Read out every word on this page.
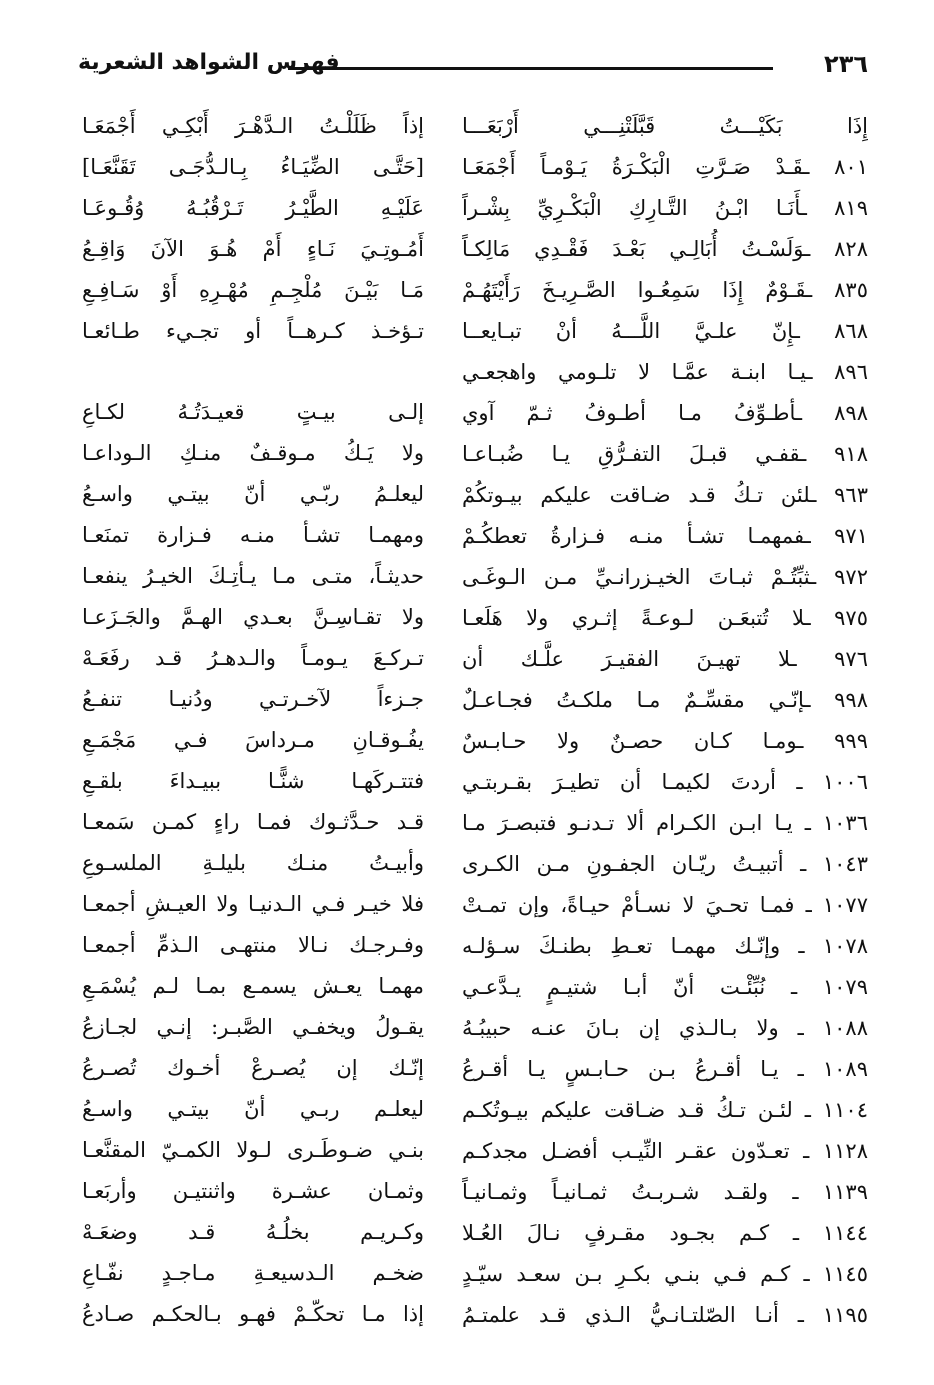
٢٣٦
فهرس الشواهد الشعرية
إِذَا بَكَيْـــتُ قَبَّلَتْنِـــي أَرْبَعَـــا
٨٠١ ـقَـدْ صَـرَّتِ الْبَكْـرَةُ يَـوْمـاً أَجْمَعَـا
٨١٩ ـأَنَـا ابْـنُ التَّـارِكِ الْبَكْـرِيِّ بِشْـراً
٨٢٨ ـوَلَسْـتُ أُبَالِـي بَعْـدَ فَقْـدِي مَالِكـاً
٨٣٥ ـقَـوْمٌ إِذَا سَمِعُـوا الصَّـرِيـخَ رَأَيْتَهُـمْ
٨٦٨ ـإِنّ علـيَّ اللَّـــهُ أنْ تبـايعــا
٨٩٦ ـيـا ابنـة عمَّـا لا تلـومي واهجعـي
٨٩٨ ـأطـوِّفُ مـا أطـوفُ ثـمّ آوي
٩١٨ ـقفـي قبـلَ التفـرُّقِ يـا ضُبـاعـا
٩٦٣ ـلئن تـكُ قـد ضـاقت عليكم بيـوتكُمْ
٩٧١ ـفمهمـا تشـأ منـه فـزارةُ تعطكُـمْ
٩٧٢ ـثبِّتُـمْ ثبـاتَ الخيـزرانـيِّ مـن الـوغَـى
٩٧٥ ـلا تُتبعَـن لـوعـةً إثـري ولا هَلَعـا
٩٧٦ ـلا تهيـنَ الفقيـرَ علَّـك أن
٩٩٨ ـإنّـي مقسِّـمٌ مـا ملكـتُ فجـاعـلٌ
٩٩٩ ـومـا كـان حصـنٌ ولا حـابـسٌ
١٠٠٦ ـ أردتَ لكيمـا أن تطيـرَ بقـربتـي
١٠٣٦ ـ يـا ابـن الكـرام ألا تـدنـو فتبصـرَ مـا
١٠٤٣ ـ أتبيـتُ ريّـان الجفـونِ مـن الكـرى
١٠٧٧ ـ فمـا تحـيَ لا نسـأمْ حيـاةً، وإن تمـتْ
١٠٧٨ ـ وإنّـك مهمـا تعـطِ بطنـكَ سـؤلـه
١٠٧٩ ـ نُبِّئْـت أنّ أبـا شتيـمٍ يـدَّعـي
١٠٨٨ ـ ولا بـالـذي إن بـانَ عنـه حبيبُـهُ
١٠٨٩ ـ يـا أقـرعُ بـن حـابـسٍ يـا أقـرعُ
١١٠٤ ـ لئـن تـكُ قـد ضـاقت عليكم بيـوتُكـم
١١٢٨ ـ تعـدّون عقـر النِّيـب أفضـل مجدكـم
١١٣٩ ـ ولقـد شـربـتُ ثمـانيـاً وثمـانيـاً
١١٤٤ ـ كـم بجـود مقـرفٍ نـالَ العُـلا
١١٤٥ ـ كـم فـي بنـي بكـرِ بـن سعـد سيّـدٍ
١١٩٥ ـ أنـا الصّلتـانـيُّ الـذي قـد علمتـمُ
إذاً ظَلَلْـتُ الـدَّهْـرَ أَبْكِـي أَجْمَعَـا
[حَتَّـى الضِّيَـاءُ بِـالـدُّجَـى تَقَنَّعَـا]
عَلَيْـهِ الطَّيْـرُ تَـرْقُبُـهُ وُقُـوعَـا
أَمُـوتِـيَ نَـاءٍ أَمْ هُـوَ الآنَ وَاقِـعُ
مَـا بَيْـنَ مُلْجِـمِ مُهْـرِهِ أَوْ سَـافِـعِ
تـؤخـذ كـرهــاً أو تجـيء طـائعـا
إلـى بيـتٍ قعيـدَتُـهُ لكـاعِ
ولا يَـكُ مـوقـفٌ منـكِ الـوداعـا
ليعلـمُ ربّـي أنّ بيتـي واسـعُ
ومهمـا تشـأ منـه فـزارة تمنَعـا
حديثـاً، متـى مـا يـأتِـكَ الخيـرُ ينفعـا
ولا تقـاسِـنَّ بعـدي الهـمَّ والجَـزَعـا
تـركـعَ يـومـاً والـدهـرُ قـد رفَعَـهْ
جـزءاً لآخـرتـي ودُنيـا تنفـعُ
يفُـوقـانِ مـرداسَ فـي مَجْمَـعِ
فتتـركَهـا شنًّـا ببيـداءَ بلقـعِ
قـد حـدَّثـوك فمـا راءٍ كمـن سَمعـا
وأبيـتُ منـك بليلـةِ الملسـوعِ
فلا خيـر فـي الـدنيـا ولا العيـشِ أجمعـا
وفـرجـك نـالا منتهـى الـذمِّ أجمعـا
مهمـا يعـش يسمـع بمـا لـم يُسْمَـعِ
يقـولُ ويخفـي الصَّبـر: إنـي لجـازعُ
إنّـك إن يُصـرعْ أخـوك تُصـرعُ
ليعلـم ربـي أنّ بيتـي واسـعُ
بنـي ضـوطَـرى لـولا الكمـيّ المقنَّعـا
وثمـان عشـرة واثنتيـن وأربَعـا
وكـريـم بخلُـهُ قـد وضعَـهْ
ضخـم الـدسيعـةِ مـاجـدٍ نفّـاعِ
إذا مـا تحكّـمْ فهـو بـالحكـم صـادعُ
